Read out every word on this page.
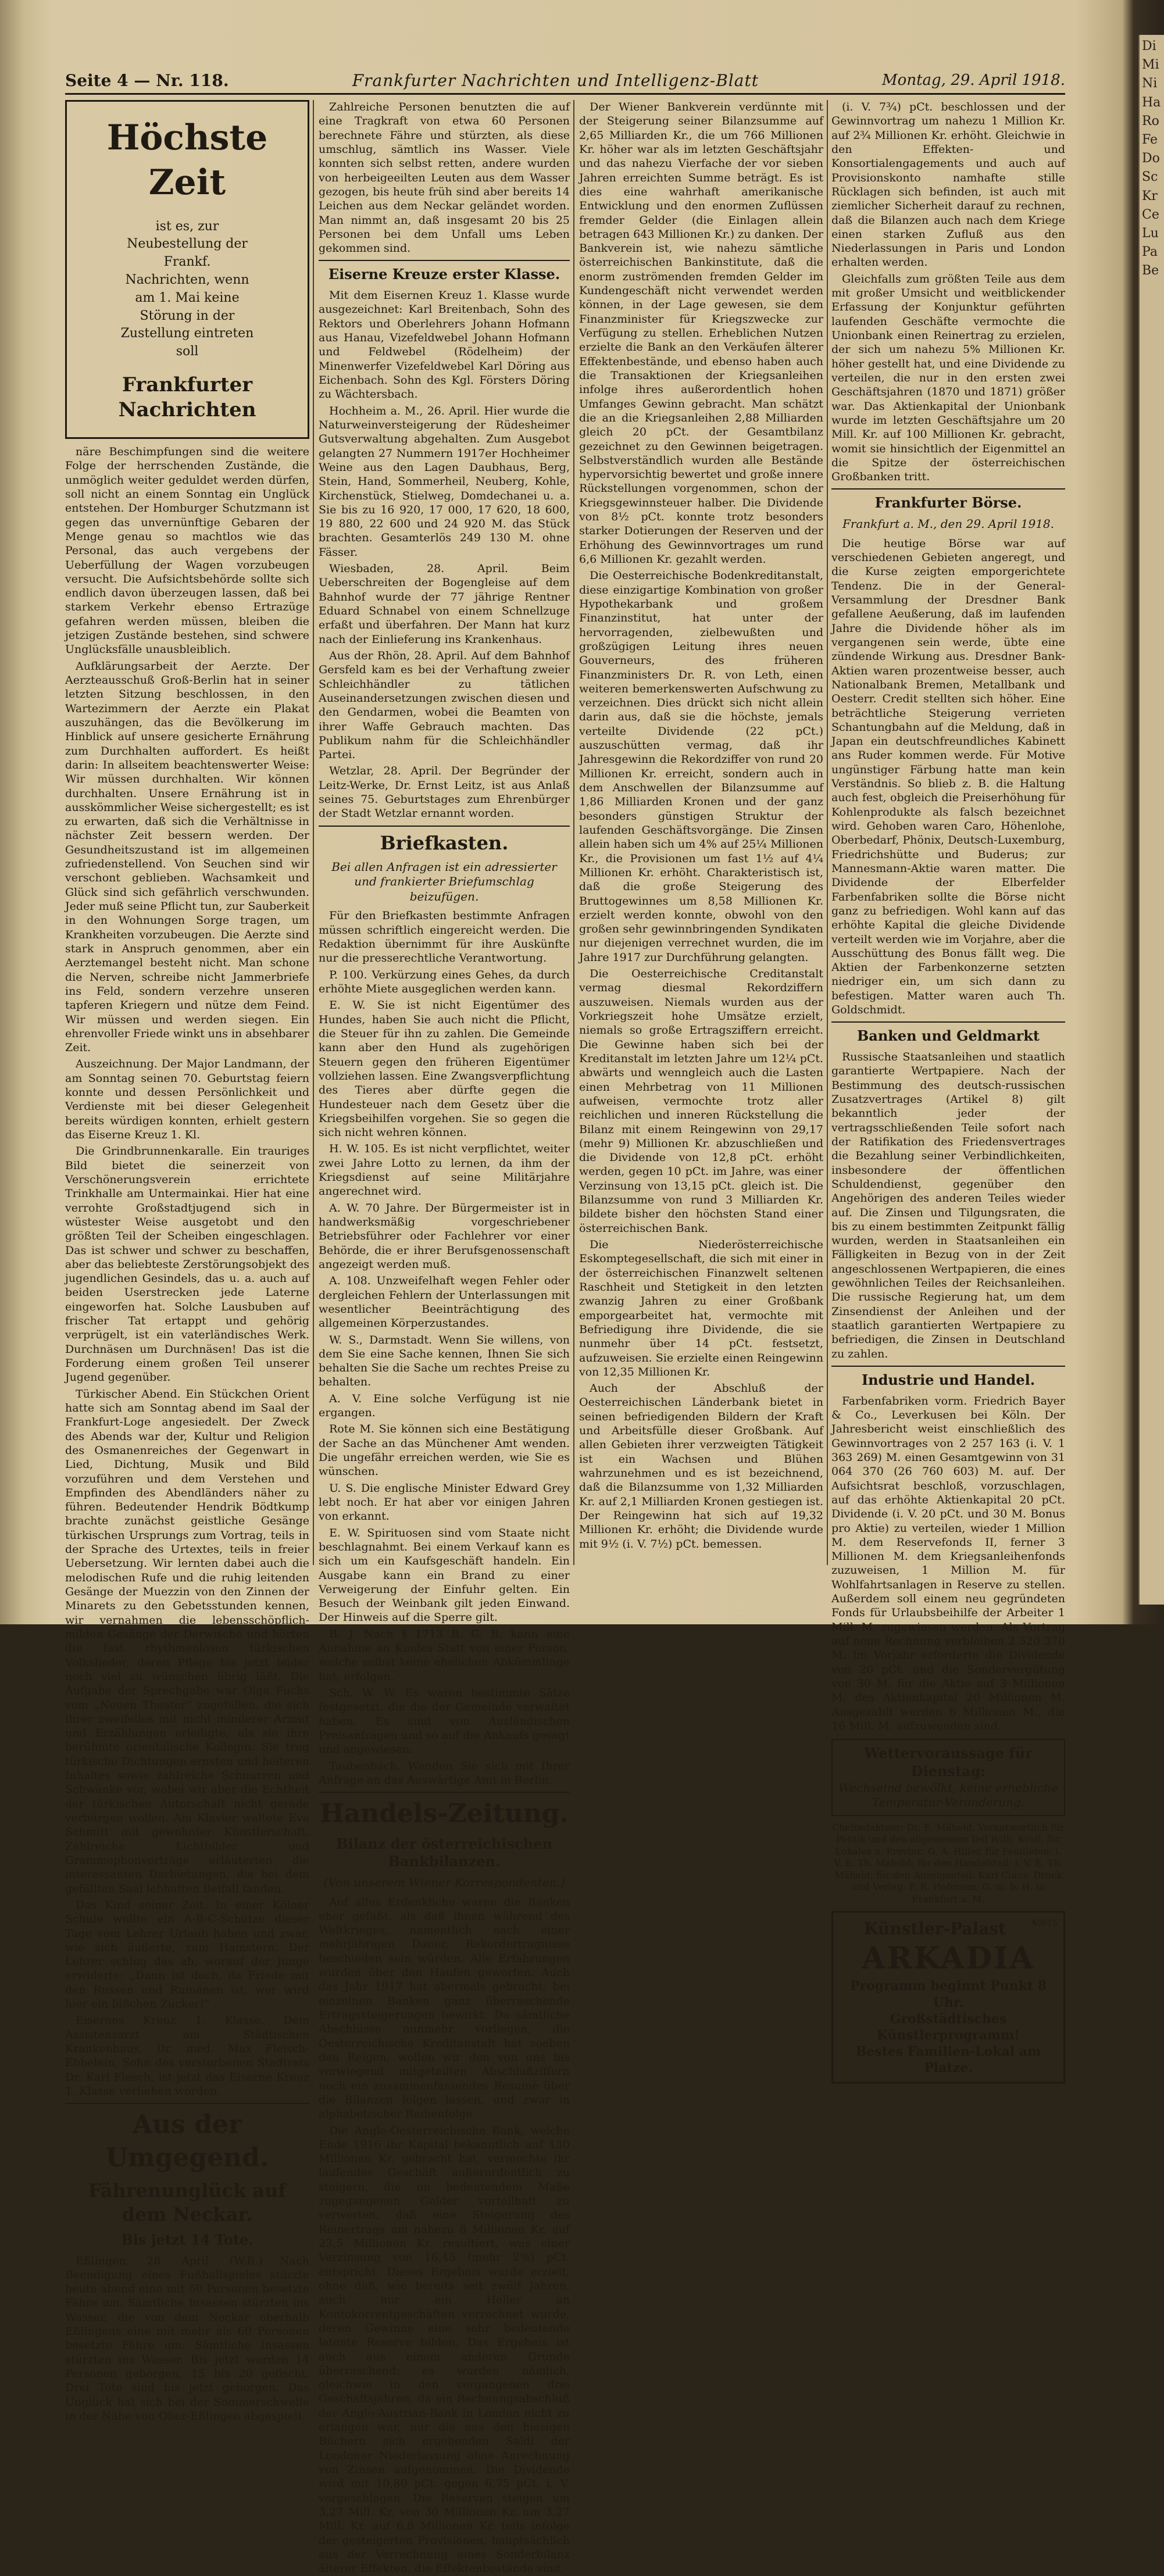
Seite 4 — Nr. 118.	Frankfurter Nachrichten und Intelligenz-Blatt	Montag, 29. April 1918.
Höchste Zeit
ist es, zur Neubestellung der Frankf. Nachrichten, wenn am 1. Mai keine Störung in der Zustellung eintreten soll
Frankfurter Nachrichten

näre Beschimpfungen sind die weitere Folge der herrschenden Zustände, die unmöglich weiter geduldet werden dürfen, soll nicht an einem Sonntag ein Unglück entstehen. Der Homburger Schutzmann ist gegen das unvernünftige Gebaren der Menge genau so machtlos wie das Personal, das auch vergebens der Ueberfüllung der Wagen vorzubeugen versucht. Die Aufsichtsbehörde sollte sich endlich davon überzeugen lassen, daß bei starkem Verkehr ebenso Ertrazüge gefahren werden müssen, bleiben die jetzigen Zustände bestehen, sind schwere Unglücksfälle unausbleiblich.

Aufklärungsarbeit der Aerzte. Der Aerzteausschuß Groß-Berlin hat in seiner letzten Sitzung beschlossen, in den Wartezimmern der Aerzte ein Plakat auszuhängen, das die Bevölkerung im Hinblick auf unsere gesicherte Ernährung zum Durchhalten auffordert. Es heißt darin: In allseitem beachtenswerter Weise: Wir müssen durchhalten. Wir können durchhalten. Unsere Ernährung ist in ausskömmlicher Weise sichergestellt; es ist zu erwarten, daß sich die Verhältnisse in nächster Zeit bessern werden. Der Gesundheitszustand ist im allgemeinen zufriedenstellend. Von Seuchen sind wir verschont geblieben. Wachsamkeit und Glück sind sich gefährlich verschwunden. Jeder muß seine Pflicht tun, zur Sauberkeit in den Wohnungen Sorge tragen, um Krankheiten vorzubeugen. Die Aerzte sind stark in Anspruch genommen, aber ein Aerztemangel besteht nicht. Man schone die Nerven, schreibe nicht Jammerbriefe ins Feld, sondern verzehre unseren tapferen Kriegern und nütze dem Feind. Wir müssen und werden siegen. Ein ehrenvoller Friede winkt uns in absehbarer Zeit.

Auszeichnung. Der Major Landmann, der am Sonntag seinen 70. Geburtstag feiern konnte und dessen Persönlichkeit und Verdienste mit bei dieser Gelegenheit bereits würdigen konnten, erhielt gestern das Eiserne Kreuz 1. Kl.

Die Grindbrunnenkaralle. Ein trauriges Bild bietet die seinerzeit von Verschönerungsverein errichtete Trinkhalle am Untermainkai. Hier hat eine verrohte Großstadtjugend sich in wüstester Weise ausgetobt und den größten Teil der Scheiben eingeschlagen. Das ist schwer und schwer zu beschaffen, aber das beliebteste Zerstörungsobjekt des jugendlichen Gesindels, das u. a. auch auf beiden Userstrecken jede Laterne eingeworfen hat. Solche Lausbuben auf frischer Tat ertappt und gehörig verprügelt, ist ein vaterländisches Werk. Durchnäsen um Durchnäsen! Das ist die Forderung einem großen Teil unserer Jugend gegenüber.

Türkischer Abend. Ein Stückchen Orient hatte sich am Sonntag abend im Saal der Frankfurt-Loge angesiedelt. Der Zweck des Abends war der, Kultur und Religion des Osmanenreiches der Gegenwart in Lied, Dichtung, Musik und Bild vorzuführen und dem Verstehen und Empfinden des Abendländers näher zu führen. Bedeutender Hendrik Bödtkump brachte zunächst geistliche Gesänge türkischen Ursprungs zum Vortrag, teils in der Sprache des Urtextes, teils in freier Uebersetzung. Wir lernten dabei auch die melodischen Rufe und die ruhig leitenden Gesänge der Muezzin von den Zinnen der Minarets zu den Gebetsstunden kennen, wir vernahmen die lebensschöpflich-milden Gesänge der Derwische und hörten die fast rhythmenlosen türkischen Volkslieder, deren Pflege bis jetzt leider noch viel zu wünschen übrig läßt. Die Aufgabe der Sprechgabe war Olga Fuchs vom „Neuen Theater“ zugefallen, die sich ihrer zweifellos mit nicht minderer Armut und Erzählungen erledigte, als sie ihre berühmte orientalische Kollegin. Sie trug türkische Dichtungen ernsten und heiteren Inhaltes sowie zahlreiche Schnurren und Schwänke vor, wobei wir aber die Echtheit der türkischen Autorschaft nicht gerade verbürgen wollen. Am Klavier waltete Eva Schmitt mit gewohnter Künstlerschaft. Zahlreiche Lichtbilder und Grammophonvorträge erläuterten die interessanten Darbietungen, die bei dem gefüllten Saal lebhaften Beifall fanden.

Das Kind seiner Zeit. In einer Kölner Schule wollte ein A-B-C-Schütze dieser Tage vom Lehrer Urlaub haben und zwar, wie sich äußerte, zum Hamstern. Der Lehrer schlug das ab, worauf der Junge erwiderte: „Dann ist doch, da Friede mit den Russen und Rumänen ist, wer wird hier ein bißchen Zucker!“

Eisernes Kreuz 1. Klasse. Dem Assistenzarzt am Städtischen Krankenhaus, Dr. med. Max Fleisch-Ebbelein, Sohn des verstorbenen Stadtrats Dr. Karl Flesch, ist jetzt das Eiserne Kreuz 1. Klasse verliehen worden.

Aus der Umgegend.
Fährenunglück auf dem Neckar.
Bis jetzt 14 Tote.

Eßlingen, 28. April. (W.B.) Nach Beendigung eines Fußballspieles stürzte heute abend eine mit 60 Personen besetzte Fähre um. Sämtliche Insassen stürzten ins Wasser, die von dem Neckar oberhalb Eßlingens eine mit mehr als 60 Personen besetzte Fähre um. Sämtliche Insassen stürzten ins Wasser. Bis jetzt wurden 14 Personen geborgen, 15 bis 20 gefischt. Drei Tote sind bis jetzt geborgen. Das Unglück hat sich bei der Sommerschwelle in der Nähe von Ober-Eßlingen abgespielt.

Zahlreiche Personen benutzten die auf eine Tragkraft von etwa 60 Personen berechnete Fähre und stürzten, als diese umschlug, sämtlich ins Wasser. Viele konnten sich selbst retten, andere wurden von herbeigeeilten Leuten aus dem Wasser gezogen, bis heute früh sind aber bereits 14 Leichen aus dem Neckar geländet worden. Man nimmt an, daß insgesamt 20 bis 25 Personen bei dem Unfall ums Leben gekommen sind.

Eiserne Kreuze erster Klasse.

Mit dem Eisernen Kreuz 1. Klasse wurde ausgezeichnet: Karl Breitenbach, Sohn des Rektors und Oberlehrers Johann Hofmann aus Hanau, Vizefeldwebel Johann Hofmann und Feldwebel (Rödelheim) der Minenwerfer Vizefeldwebel Karl Döring aus Eichenbach. Sohn des Kgl. Försters Döring zu Wächtersbach.

Hochheim a. M., 26. April. Hier wurde die Naturweinversteigerung der Rüdesheimer Gutsverwaltung abgehalten. Zum Ausgebot gelangten 27 Nummern 1917er Hochheimer Weine aus den Lagen Daubhaus, Berg, Stein, Hand, Sommerheil, Neuberg, Kohle, Kirchenstück, Stielweg, Domdechanei u. a. Sie bis zu 16 920, 17 000, 17 620, 18 600, 19 880, 22 600 und 24 920 M. das Stück brachten. Gesamterlös 249 130 M. ohne Fässer.

Wiesbaden, 28. April. Beim Ueberschreiten der Bogengleise auf dem Bahnhof wurde der 77 jährige Rentner Eduard Schnabel von einem Schnellzuge erfaßt und überfahren. Der Mann hat kurz nach der Einlieferung ins Krankenhaus.

Aus der Rhön, 28. April. Auf dem Bahnhof Gersfeld kam es bei der Verhaftung zweier Schleichhändler zu tätlichen Auseinandersetzungen zwischen diesen und den Gendarmen, wobei die Beamten von ihrer Waffe Gebrauch machten. Das Publikum nahm für die Schleichhändler Partei.

Wetzlar, 28. April. Der Begründer der Leitz-Werke, Dr. Ernst Leitz, ist aus Anlaß seines 75. Geburtstages zum Ehrenbürger der Stadt Wetzlar ernannt worden.

Briefkasten.
Bei allen Anfragen ist ein adressierter und frankierter Briefumschlag beizufügen.

Für den Briefkasten bestimmte Anfragen müssen schriftlich eingereicht werden. Die Redaktion übernimmt für ihre Auskünfte nur die presserechtliche Verantwortung.

P. 100. Verkürzung eines Gehes, da durch erhöhte Miete ausgeglichen werden kann.

E. W. Sie ist nicht Eigentümer des Hundes, haben Sie auch nicht die Pflicht, die Steuer für ihn zu zahlen. Die Gemeinde kann aber den Hund als zugehörigen Steuern gegen den früheren Eigentümer vollziehen lassen. Eine Zwangsverpflichtung des Tieres aber dürfte gegen die Hundesteuer nach dem Gesetz über die Kriegsbeihilfen vorgehen. Sie so gegen die sich nicht wehren können.

H. W. 105. Es ist nicht verpflichtet, weiter zwei Jahre Lotto zu lernen, da ihm der Kriegsdienst auf seine Militärjahre angerechnet wird.

A. W. 70 Jahre. Der Bürgermeister ist in handwerksmäßig vorgeschriebener Betriebsführer oder Fachlehrer vor einer Behörde, die er ihrer Berufsgenossenschaft angezeigt werden muß.

A. 108. Unzweifelhaft wegen Fehler oder dergleichen Fehlern der Unterlassungen mit wesentlicher Beeinträchtigung des allgemeinen Körperzustandes.

W. S., Darmstadt. Wenn Sie willens, von dem Sie eine Sache kennen, Ihnen Sie sich behalten Sie die Sache um rechtes Preise zu behalten.

A. V. Eine solche Verfügung ist nie ergangen.

Rote M. Sie können sich eine Bestätigung der Sache an das Münchener Amt wenden. Die ungefähr erreichen werden, wie Sie es wünschen.

U. S. Die englische Minister Edward Grey lebt noch. Er hat aber vor einigen Jahren von erkannt.

E. W. Spirituosen sind vom Staate nicht beschlagnahmt. Bei einem Verkauf kann es sich um ein Kaufsgeschäft handeln. Ein Ausgabe kann ein Brand zu einer Verweigerung der Einfuhr gelten. Ein Besuch der Weinbank gilt jeden Einwand. Der Hinweis auf die Sperre gilt.

B. J. Nach § 1713 B. G. B. kann eine Annahme an Kindes Statt von einer Person, welche selbst keine ehelichen Abkömmlinge hat, erfolgen.

Sch. W. W. Es waren bestimmte Sätze festgesetzt, die die der Gemeinde verwaltet haben. Es sind von Ausländischen Preisanfragen und so auf die Ankaufs gesagt und angewiesen.

Taubenbach. Wenden Sie sich mit Ihrer Anfrage an das Auswärtige Amt in Berlin.

Handels-Zeitung.
Bilanz der österreichischen Bankbilanzen.
(Von unserem Wiener Korrespondenten.)

Auf alles Erdenkliche waren die Banken eher gefaßt, als daß ihnen während des Weltkrieges, namentlich nach einer mehrjährigen Dauer, Rekordertragnisse beschieden sein würden. Alle Erfahrungen wurden über den Haufen geworfen. Auch das Jahr 1917 hat abermals gebracht, bei einzelnen Banken ganz überraschende Ertragssteigerungen bewirkt. Da sämtliche Abschlüsse nunmehr vorliegen, die Oesterreichische Kreditanstalt hat soeben den Reigen, wollen wir den von uns bis vorwiegend mitgeteilten Abschlußziffern noch ein zusammenfassendes Resumé über die Bilanzen folgen lassen, und zwar in alphabetischer Reihenfolge.

Die Anglo-Oesterreichische Bank, welche Ende 1916 ihr Kapital bekanntlich auf 130 Millionen Kr. gebracht hat, vermochte ihr laufendes Geschäft außerordentlich zu steigern, die im bedeutendem Maße zugegangenen Gelder vorteilhaft zu verwerten, daß eine Steigerung des Reinertrags um nahezu 8 Millionen Kr. auf 23,5 Millionen Kr. resultiert, was einer Verzinsung von 16,45 (mehr 2%) pCt. entspricht. Dieses Ergebnis wurde erzielt, ohne daß, wie bereits seit zwölf Jahren, auch nur ein Heller an Kontokorrentgeschäften verrechnet wurde, deren Gewinne eine sehr bedeutende latente Reserve bilden. Das Ergebnis ist auch aus einem anderen Grunde überraschend: es wurden nämlich, gleichwie in den vergangenen drei Geschäftsjahren, da ein Rechnungsabschluß der Anglo-Austrian-Bank in London nicht zu erlangen war, nur die aus den hiesigen Büchern sich ergebenden Saldi der Londoner Niederlassung ohne Anrechnung von Zinsen aufgenommen. Die Dividende wird mit 10,80 pCt. gegen 6,75 pCt. i. V. vorgeschlagen. Die Reserven steigen um 3,27 Mill. Kr. von 30 Millionen Kr. um 3,27 Mill. Kr. auf 6,8 Millionen Kr. teils infolge der gesteigerten Provisionen, hauptsächlich aus der Verrechnung eines Sonderbilanz älterer Effekten, die Effektenbestände sind.

Der Wiener Bankverein verdünnte mit der Steigerung seiner Bilanzsumme auf 2,65 Milliarden Kr., die um 766 Millionen Kr. höher war als im letzten Geschäftsjahr und das nahezu Vierfache der vor sieben Jahren erreichten Summe beträgt. Es ist dies eine wahrhaft amerikanische Entwicklung und den enormen Zuflüssen fremder Gelder (die Einlagen allein betragen 643 Millionen Kr.) zu danken. Der Bankverein ist, wie nahezu sämtliche österreichischen Bankinstitute, daß die enorm zuströmenden fremden Gelder im Kundengeschäft nicht verwendet werden können, in der Lage gewesen, sie dem Finanzminister für Kriegszwecke zur Verfügung zu stellen. Erheblichen Nutzen erzielte die Bank an den Verkäufen älterer Effektenbestände, und ebenso haben auch die Transaktionen der Kriegsanleihen infolge ihres außerordentlich hohen Umfanges Gewinn gebracht. Man schätzt die an die Kriegsanleihen 2,88 Milliarden gleich 20 pCt. der Gesamtbilanz gezeichnet zu den Gewinnen beigetragen. Selbstverständlich wurden alle Bestände hypervorsichtig bewertet und große innere Rückstellungen vorgenommen, schon der Kriegsgewinnsteuer halber. Die Dividende von 8½ pCt. konnte trotz besonders starker Dotierungen der Reserven und der Erhöhung des Gewinnvortrages um rund 6,6 Millionen Kr. gezahlt werden.

Die Oesterreichische Bodenkreditanstalt, diese einzigartige Kombination von großer Hypothekarbank und großem Finanzinstitut, hat unter der hervorragenden, zielbewußten und großzügigen Leitung ihres neuen Gouverneurs, des früheren Finanzministers Dr. R. von Leth, einen weiteren bemerkenswerten Aufschwung zu verzeichnen. Dies drückt sich nicht allein darin aus, daß sie die höchste, jemals verteilte Dividende (22 pCt.) auszuschütten vermag, daß ihr Jahresgewinn die Rekordziffer von rund 20 Millionen Kr. erreicht, sondern auch in dem Anschwellen der Bilanzsumme auf 1,86 Milliarden Kronen und der ganz besonders günstigen Struktur der laufenden Geschäftsvorgänge. Die Zinsen allein haben sich um 4% auf 25¼ Millionen Kr., die Provisionen um fast 1½ auf 4¼ Millionen Kr. erhöht. Charakteristisch ist, daß die große Steigerung des Bruttogewinnes um 8,58 Millionen Kr. erzielt werden konnte, obwohl von den großen sehr gewinnbringenden Syndikaten nur diejenigen verrechnet wurden, die im Jahre 1917 zur Durchführung gelangten.

Die Oesterreichische Creditanstalt vermag diesmal Rekordziffern auszuweisen. Niemals wurden aus der Vorkriegszeit hohe Umsätze erzielt, niemals so große Ertragsziffern erreicht. Die Gewinne haben sich bei der Kreditanstalt im letzten Jahre um 12¼ pCt. abwärts und wenngleich auch die Lasten einen Mehrbetrag von 11 Millionen aufweisen, vermochte trotz aller reichlichen und inneren Rückstellung die Bilanz mit einem Reingewinn von 29,17 (mehr 9) Millionen Kr. abzuschließen und die Dividende von 12,8 pCt. erhöht werden, gegen 10 pCt. im Jahre, was einer Verzinsung von 13,15 pCt. gleich ist. Die Bilanzsumme von rund 3 Milliarden Kr. bildete bisher den höchsten Stand einer österreichischen Bank.

Die Niederösterreichische Eskomptegesellschaft, die sich mit einer in der österreichischen Finanzwelt seltenen Raschheit und Stetigkeit in den letzten zwanzig Jahren zu einer Großbank emporgearbeitet hat, vermochte mit Befriedigung ihre Dividende, die sie nunmehr über 14 pCt. festsetzt, aufzuweisen. Sie erzielte einen Reingewinn von 12,35 Millionen Kr.

Auch der Abschluß der Oesterreichischen Länderbank bietet in seinen befriedigenden Bildern der Kraft und Arbeitsfülle dieser Großbank. Auf allen Gebieten ihrer verzweigten Tätigkeit ist ein Wachsen und Blühen wahrzunehmen und es ist bezeichnend, daß die Bilanzsumme von 1,32 Milliarden Kr. auf 2,1 Milliarden Kronen gestiegen ist. Der Reingewinn hat sich auf 19,32 Millionen Kr. erhöht; die Dividende wurde mit 9½ (i. V. 7½) pCt. bemessen.

(i. V. 7¾) pCt. beschlossen und der Gewinnvortrag um nahezu 1 Million Kr. auf 2¾ Millionen Kr. erhöht. Gleichwie in den Effekten- und Konsortialengagements und auch auf Provisionskonto namhafte stille Rücklagen sich befinden, ist auch mit ziemlicher Sicherheit darauf zu rechnen, daß die Bilanzen auch nach dem Kriege einen starken Zufluß aus den Niederlassungen in Paris und London erhalten werden.

Gleichfalls zum größten Teile aus dem mit großer Umsicht und weitblickender Erfassung der Konjunktur geführten laufenden Geschäfte vermochte die Unionbank einen Reinertrag zu erzielen, der sich um nahezu 5% Millionen Kr. höher gestellt hat, und eine Dividende zu verteilen, die nur in den ersten zwei Geschäftsjahren (1870 und 1871) größer war. Das Aktienkapital der Unionbank wurde im letzten Geschäftsjahre um 20 Mill. Kr. auf 100 Millionen Kr. gebracht, womit sie hinsichtlich der Eigenmittel an die Spitze der österreichischen Großbanken tritt.

Frankfurter Börse.
Frankfurt a. M., den 29. April 1918.

Die heutige Börse war auf verschiedenen Gebieten angeregt, und die Kurse zeigten emporgerichtete Tendenz. Die in der General-Versammlung der Dresdner Bank gefallene Aeußerung, daß im laufenden Jahre die Dividende höher als im vergangenen sein werde, übte eine zündende Wirkung aus. Dresdner Bank-Aktien waren prozentweise besser, auch Nationalbank Bremen, Metallbank und Oesterr. Credit stellten sich höher. Eine beträchtliche Steigerung verrieten Schantungbahn auf die Meldung, daß in Japan ein deutschfreundliches Kabinett ans Ruder kommen werde. Für Motive ungünstiger Färbung hatte man kein Verständnis. So blieb z. B. die Haltung auch fest, obgleich die Preiserhöhung für Kohlenprodukte als falsch bezeichnet wird. Gehoben waren Caro, Höhenlohe, Oberbedarf, Phönix, Deutsch-Luxemburg, Friedrichshütte und Buderus; zur Mannesmann-Aktie waren matter. Die Dividende der Elberfelder Farbenfabriken sollte die Börse nicht ganz zu befriedigen. Wohl kann auf das erhöhte Kapital die gleiche Dividende verteilt werden wie im Vorjahre, aber die Ausschüttung des Bonus fällt weg. Die Aktien der Farbenkonzerne setzten niedriger ein, um sich dann zu befestigen. Matter waren auch Th. Goldschmidt.

Banken und Geldmarkt

Russische Staatsanleihen und staatlich garantierte Wertpapiere. Nach der Bestimmung des deutsch-russischen Zusatzvertrages (Artikel 8) gilt bekanntlich jeder der vertragsschließenden Teile sofort nach der Ratifikation des Friedensvertrages die Bezahlung seiner Verbindlichkeiten, insbesondere der öffentlichen Schuldendienst, gegenüber den Angehörigen des anderen Teiles wieder auf. Die Zinsen und Tilgungsraten, die bis zu einem bestimmten Zeitpunkt fällig wurden, werden in Staatsanleihen ein Fälligkeiten in Bezug von in der Zeit angeschlossenen Wertpapieren, die eines gewöhnlichen Teiles der Reichsanleihen. Die russische Regierung hat, um dem Zinsendienst der Anleihen und der staatlich garantierten Wertpapiere zu befriedigen, die Zinsen in Deutschland zu zahlen.

Industrie und Handel.

Farbenfabriken vorm. Friedrich Bayer & Co., Leverkusen bei Köln. Der Jahresbericht weist einschließlich des Gewinnvortrages von 2 257 163 (i. V. 1 363 269) M. einen Gesamtgewinn von 31 064 370 (26 760 603) M. auf. Der Aufsichtsrat beschloß, vorzuschlagen, auf das erhöhte Aktienkapital 20 pCt. Dividende (i. V. 20 pCt. und 30 M. Bonus pro Aktie) zu verteilen, wieder 1 Million M. dem Reservefonds II, ferner 3 Millionen M. dem Kriegsanleihenfonds zuzuweisen, 1 Million M. für Wohlfahrtsanlagen in Reserve zu stellen. Außerdem soll einem neu gegründeten Fonds für Urlaubsbeihilfe der Arbeiter 1 Mill. M. zugewiesen werden. Als Vortrag auf neue Rechnung verbleiben 2 520 370 M. Im Vorjahr erforderte die Dividende von 20 pCt. und die Sondervergütung von 30 M. für die Aktie auf 3 Millionen M. des Aktienkapital 20 Millionen M. Ausgezahlt werden 6 Millionen M., die 16 Mill. M. aufzuwenden sind.

Wettervoraussage für Dienstag:
Wechselnd bewölkt, keine erhebliche Temperatur-Veränderung.

Chefredakteur: Dr. E. Mähold. Verantwortlich für Politik und den allgemeinen Teil Wilh. Kröll, für Lokales u. Provinz: G. A. Hiller, für Feuilleton: i. V. E. Th. Mähold; für den Handelsteil: i. V. E. Th. Mähold; für den Anzeigenteil: Karl Claus. Druck und Verlag: F. R. Hofmann, G. m. b. H. in Frankfurt a. M.

A5615
Künstler-Palast
ARKADIA
Programm beginnt Punkt 8 Uhr.
Großstädtisches Künstlerprogramm!
Bestes Familien-Lokal am Platze.
Di
Mi
Ni
Ha
Ro
Fe
Do
Sc
Kr
Ce
Lu
Pa
Be
